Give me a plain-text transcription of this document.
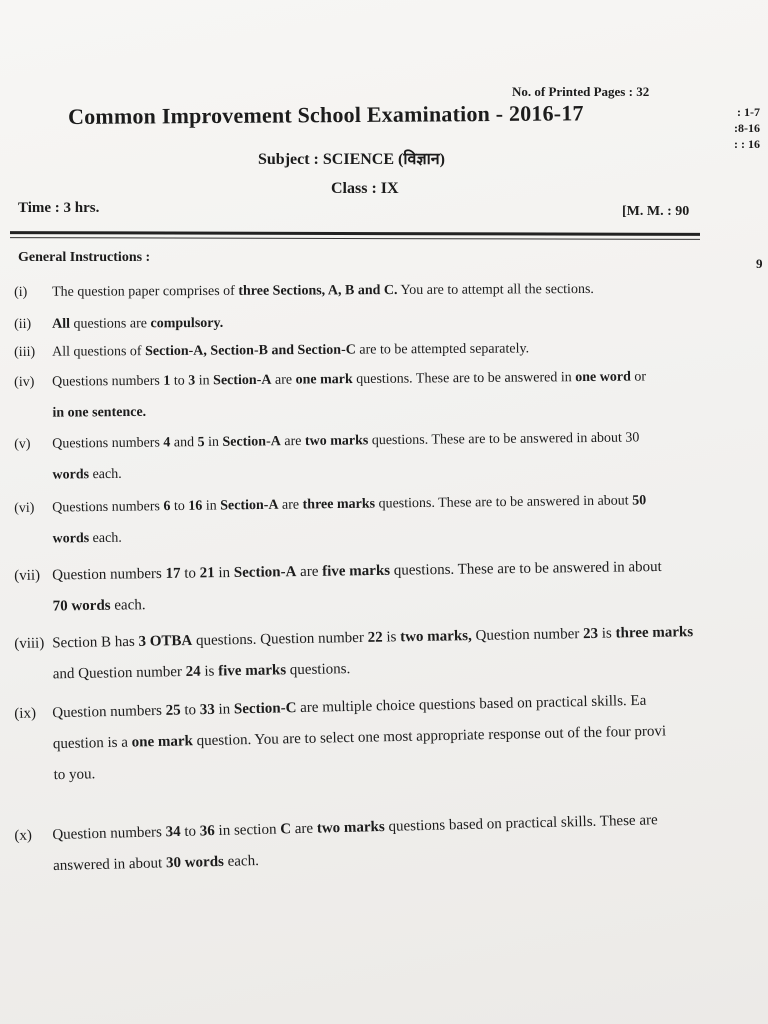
No. of Printed Pages : 32
Common Improvement School Examination - 2016-17	: 1-7
:8-16
: : 16
Subject : SCIENCE (विज्ञान)
Class : IX
Time : 3 hrs.	[M. M. : 90
General Instructions :	9
(i) The question paper comprises of three Sections, A, B and C. You are to attempt all the sections.
(ii) All questions are compulsory.
(iii) All questions of Section-A, Section-B and Section-C are to be attempted separately.
(iv) Questions numbers 1 to 3 in Section-A are one mark questions. These are to be answered in one word or
in one sentence.
(v) Questions numbers 4 and 5 in Section-A are two marks questions. These are to be answered in about 30
words each.
(vi) Questions numbers 6 to 16 in Section-A are three marks questions. These are to be answered in about 50
words each.
(vii) Question numbers 17 to 21 in Section-A are five marks questions. These are to be answered in about
70 words each.
(viii) Section B has 3 OTBA questions. Question number 22 is two marks, Question number 23 is three marks
and Question number 24 is five marks questions.
(ix) Question numbers 25 to 33 in Section-C are multiple choice questions based on practical skills. Ea
question is a one mark question. You are to select one most appropriate response out of the four provi
to you.
(x) Question numbers 34 to 36 in section C are two marks questions based on practical skills. These are
answered in about 30 words each.
